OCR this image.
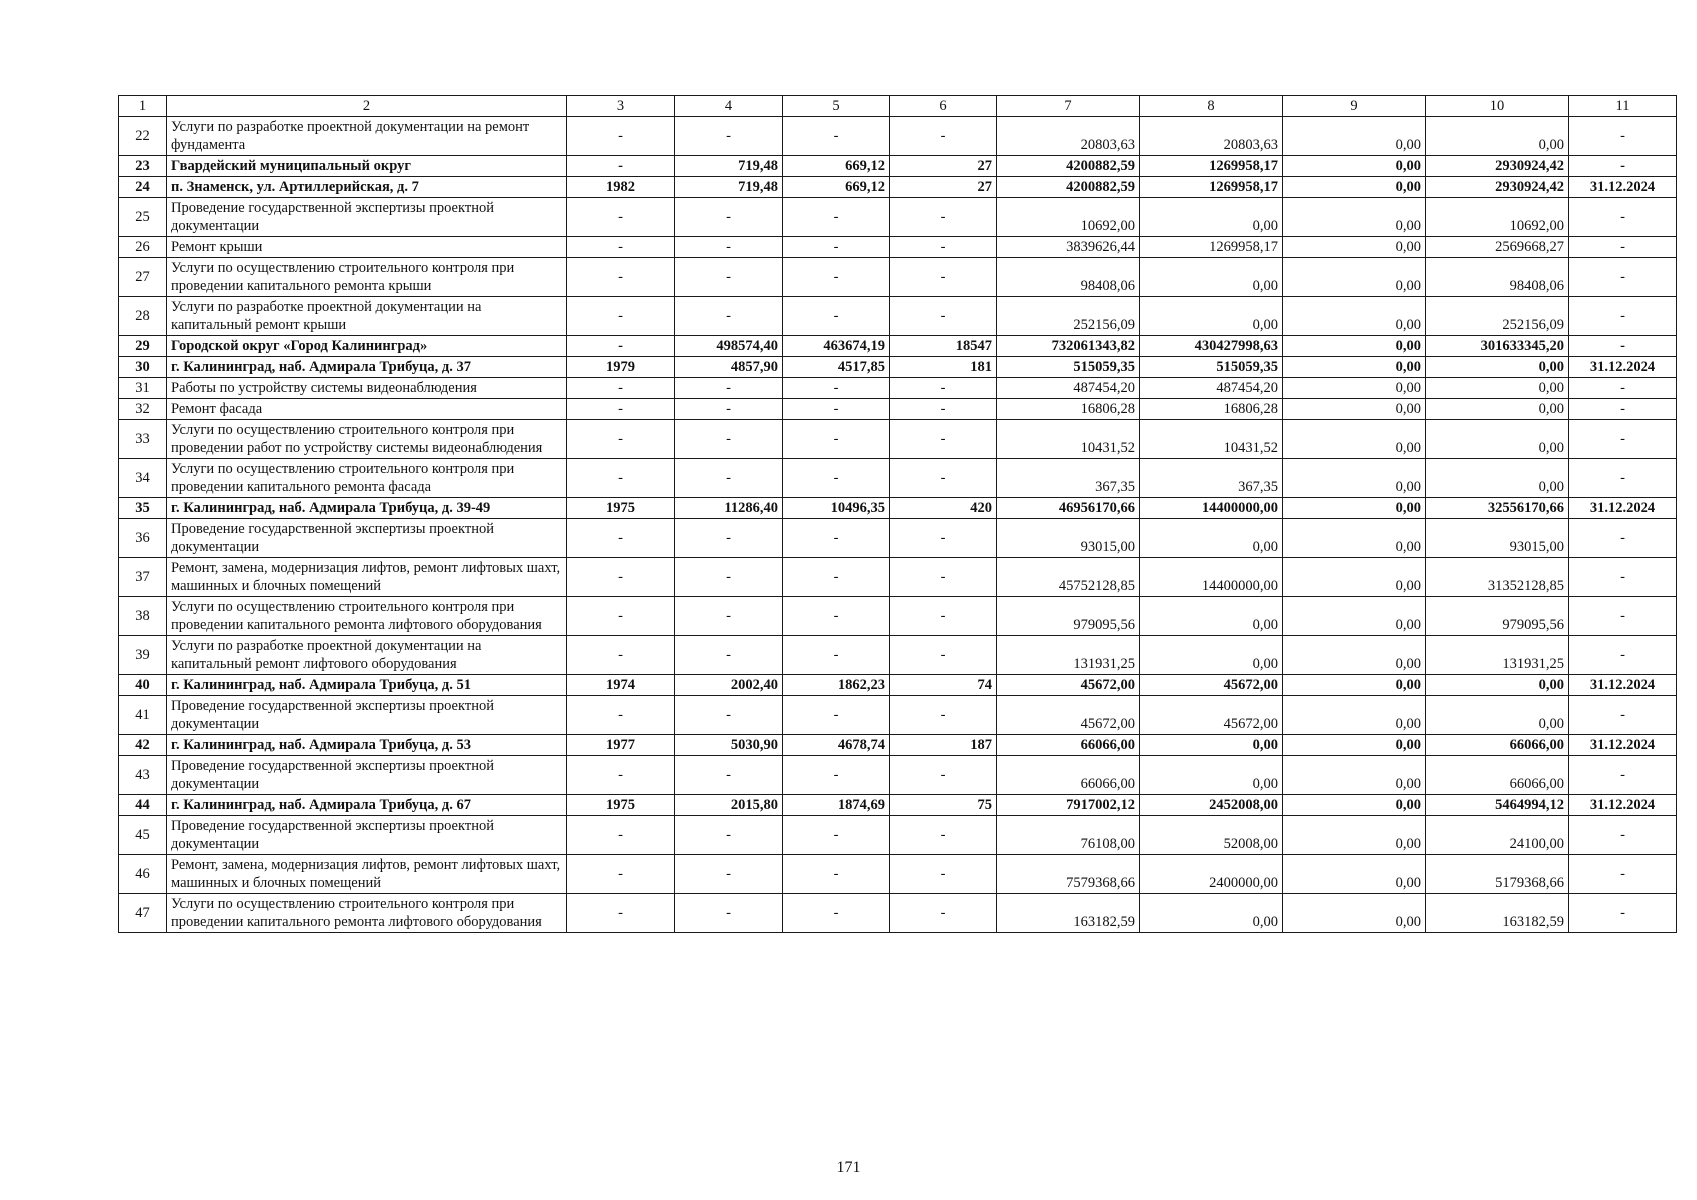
1	2	3	4	5	6	7	8	9	10	11
22	Услуги по разработке проектной документации на ремонт фундамента	-	-	-	-	20803,63	20803,63	0,00	0,00	-
23	Гвардейский муниципальный округ	-	719,48	669,12	27	4200882,59	1269958,17	0,00	2930924,42	-
24	п. Знаменск, ул. Артиллерийская, д. 7	1982	719,48	669,12	27	4200882,59	1269958,17	0,00	2930924,42	31.12.2024
25	Проведение государственной экспертизы проектной документации	-	-	-	-	10692,00	0,00	0,00	10692,00	-
26	Ремонт крыши	-	-	-	-	3839626,44	1269958,17	0,00	2569668,27	-
27	Услуги по осуществлению строительного контроля при проведении капитального ремонта крыши	-	-	-	-	98408,06	0,00	0,00	98408,06	-
28	Услуги по разработке проектной документации на капитальный ремонт крыши	-	-	-	-	252156,09	0,00	0,00	252156,09	-
29	Городской округ «Город Калининград»	-	498574,40	463674,19	18547	732061343,82	430427998,63	0,00	301633345,20	-
30	г. Калининград, наб. Адмирала Трибуца, д. 37	1979	4857,90	4517,85	181	515059,35	515059,35	0,00	0,00	31.12.2024
31	Работы по устройству системы видеонаблюдения	-	-	-	-	487454,20	487454,20	0,00	0,00	-
32	Ремонт фасада	-	-	-	-	16806,28	16806,28	0,00	0,00	-
33	Услуги по осуществлению строительного контроля при проведении работ по устройству системы видеонаблюдения	-	-	-	-	10431,52	10431,52	0,00	0,00	-
34	Услуги по осуществлению строительного контроля при проведении капитального ремонта фасада	-	-	-	-	367,35	367,35	0,00	0,00	-
35	г. Калининград, наб. Адмирала Трибуца, д. 39-49	1975	11286,40	10496,35	420	46956170,66	14400000,00	0,00	32556170,66	31.12.2024
36	Проведение государственной экспертизы проектной документации	-	-	-	-	93015,00	0,00	0,00	93015,00	-
37	Ремонт, замена, модернизация лифтов, ремонт лифтовых шахт, машинных и блочных помещений	-	-	-	-	45752128,85	14400000,00	0,00	31352128,85	-
38	Услуги по осуществлению строительного контроля при проведении капитального ремонта лифтового оборудования	-	-	-	-	979095,56	0,00	0,00	979095,56	-
39	Услуги по разработке проектной документации на капитальный ремонт лифтового оборудования	-	-	-	-	131931,25	0,00	0,00	131931,25	-
40	г. Калининград, наб. Адмирала Трибуца, д. 51	1974	2002,40	1862,23	74	45672,00	45672,00	0,00	0,00	31.12.2024
41	Проведение государственной экспертизы проектной документации	-	-	-	-	45672,00	45672,00	0,00	0,00	-
42	г. Калининград, наб. Адмирала Трибуца, д. 53	1977	5030,90	4678,74	187	66066,00	0,00	0,00	66066,00	31.12.2024
43	Проведение государственной экспертизы проектной документации	-	-	-	-	66066,00	0,00	0,00	66066,00	-
44	г. Калининград, наб. Адмирала Трибуца, д. 67	1975	2015,80	1874,69	75	7917002,12	2452008,00	0,00	5464994,12	31.12.2024
45	Проведение государственной экспертизы проектной документации	-	-	-	-	76108,00	52008,00	0,00	24100,00	-
46	Ремонт, замена, модернизация лифтов, ремонт лифтовых шахт, машинных и блочных помещений	-	-	-	-	7579368,66	2400000,00	0,00	5179368,66	-
47	Услуги по осуществлению строительного контроля при проведении капитального ремонта лифтового оборудования	-	-	-	-	163182,59	0,00	0,00	163182,59	-
171
